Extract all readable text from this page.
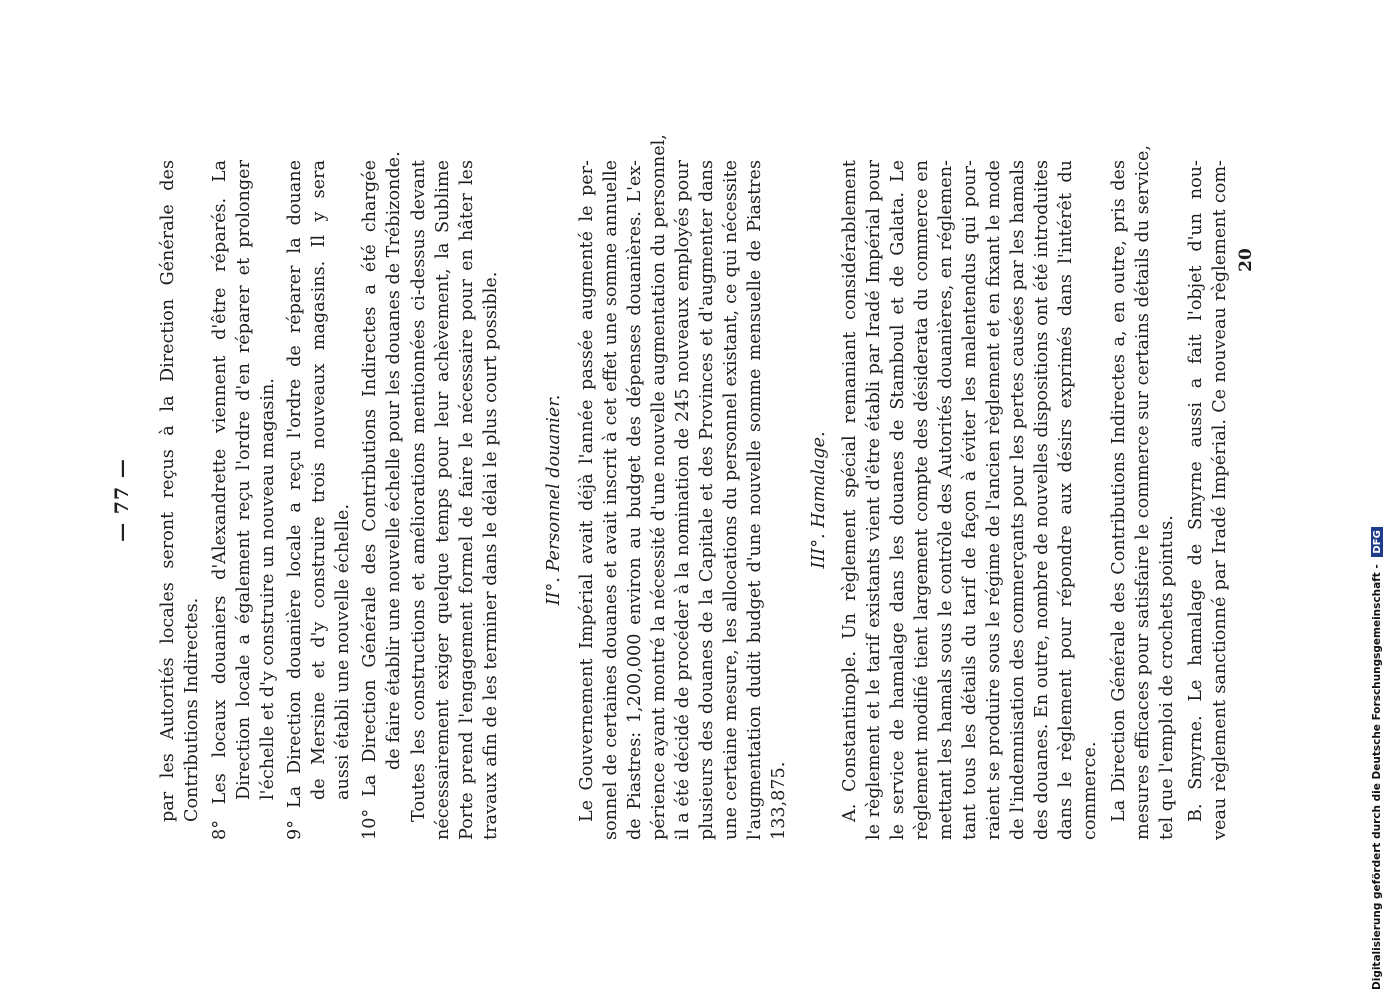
— 77 — par les Autorités locales seront reçus à la Direction Générale des Contributions Indirectes. 8° Les locaux douaniers d'Alexandrette viennent d'être réparés. La Direction locale a également reçu l'ordre d'en réparer et prolonger l'échelle et d'y construire un nouveau magasin. 9° La Direction douanière locale a reçu l'ordre de réparer la douane de Mersine et d'y construire trois nouveaux magasins. Il y sera aussi établi une nouvelle échelle. 10° La Direction Générale des Contributions Indirectes a été chargée de faire établir une nouvelle échelle pour les douanes de Trébizonde. Toutes les constructions et améliorations mentionnées ci-dessus devant nécessairement exiger quelque temps pour leur achèvement, la Sublime Porte prend l'engagement formel de faire le nécessaire pour en hâter les travaux afin de les terminer dans le délai le plus court possible. II°. Personnel douanier. Le Gouvernement Impérial avait déjà l'année passée augmenté le per- sonnel de certaines douanes et avait inscrit à cet effet une somme annuelle de Piastres: 1,200,000 environ au budget des dépenses douanières. L'ex- périence ayant montré la nécessité d'une nouvelle augmentation du personnel, il a été décidé de procéder à la nomination de 245 nouveaux employés pour plusieurs des douanes de la Capitale et des Provinces et d'augmenter dans une certaine mesure, les allocations du personnel existant, ce qui nécessite l'augmentation dudit budget d'une nouvelle somme mensuelle de Piastres 133,875.
III°. Hamalage. A. Constantinople. Un règlement spécial remaniant considérablement le règlement et le tarif existants vient d'être établi par Iradé Impérial pour le service de hamalage dans les douanes de Stamboul et de Galata. Le règlement modifié tient largement compte des désiderata du commerce en mettant les hamals sous le contrôle des Autorités douanières, en réglemen- tant tous les détails du tarif de façon à éviter les malentendus qui pour- raient se produire sous le régime de l'ancien règlement et en fixant le mode de l'indemnisation des commerçants pour les pertes causées par les hamals des douanes. En outre, nombre de nouvelles dispositions ont été introduites dans le règlement pour répondre aux désirs exprimés dans l'intérêt du commerce. La Direction Générale des Contributions Indirectes a, en outre, pris des mesures efficaces pour satisfaire le commerce sur certains détails du service, tel que l'emploi de crochets pointus. B. Smyrne. Le hamalage de Smyrne aussi a fait l'objet d'un nou- veau règlement sanctionné par Iradé Impérial. Ce nouveau règlement com- 20
Digitalisierung gefördert durch die Deutsche Forschungsgemeinschaft - DFG
